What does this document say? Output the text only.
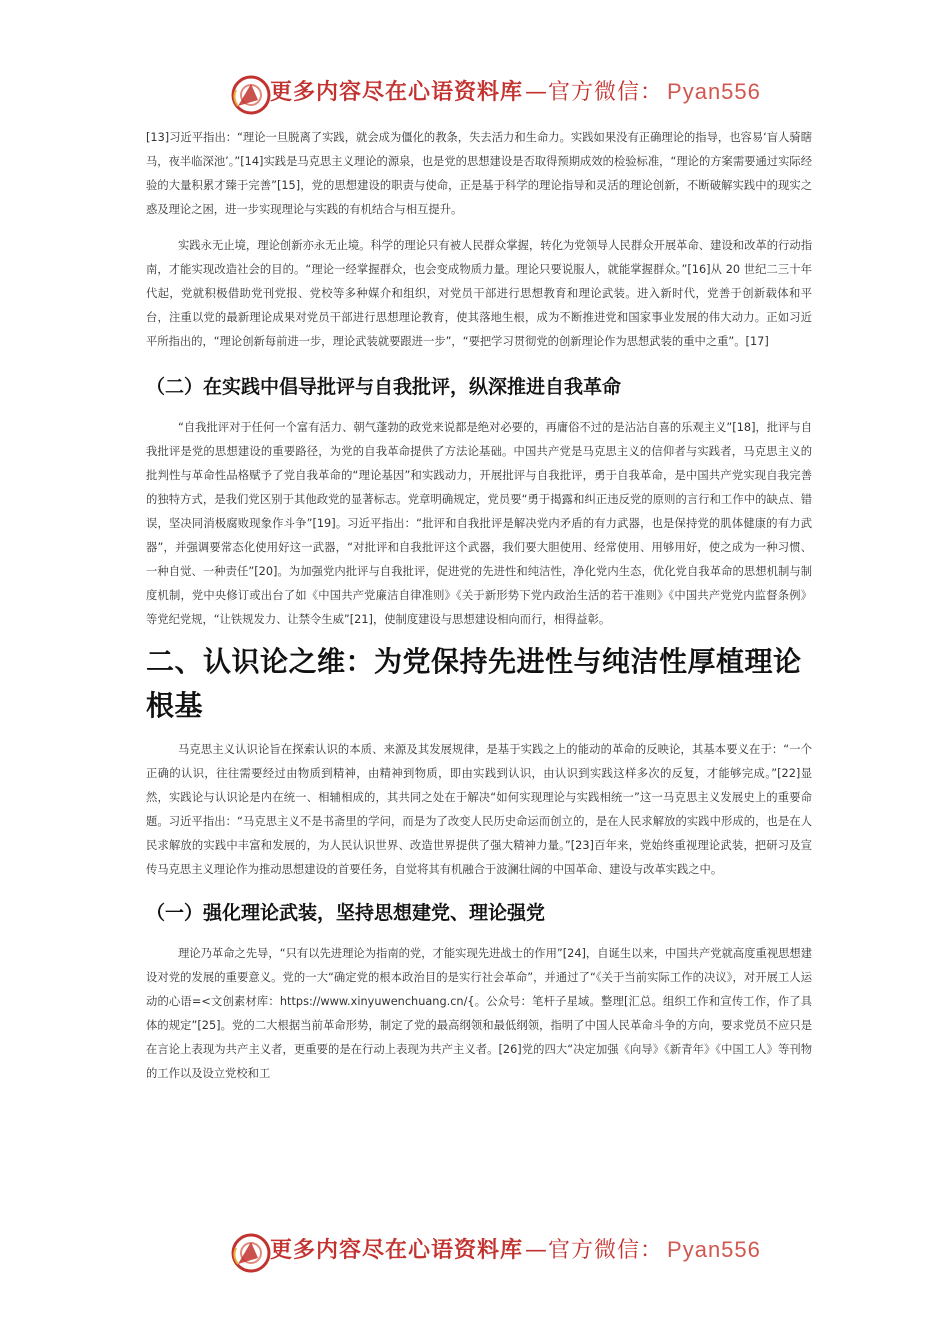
更多内容尽在心语资料库—官方微信： Pyan556

[13]习近平指出：“理论一旦脱离了实践，就会成为僵化的教条，失去活力和生命力。实践如果没有正确理论的指导，也容易‘盲人骑瞎马，夜半临深池’。”[14]实践是马克思主义理论的源泉，也是党的思想建设是否取得预期成效的检验标准，“理论的方案需要通过实际经验的大量积累才臻于完善”[15]，党的思想建设的职责与使命，正是基于科学的理论指导和灵活的理论创新，不断破解实践中的现实之惑及理论之困，进一步实现理论与实践的有机结合与相互提升。

实践永无止境，理论创新亦永无止境。科学的理论只有被人民群众掌握，转化为党领导人民群众开展革命、建设和改革的行动指南，才能实现改造社会的目的。“理论一经掌握群众，也会变成物质力量。理论只要说服人，就能掌握群众。”[16]从 20 世纪二三十年代起，党就积极借助党刊党报、党校等多种媒介和组织，对党员干部进行思想教育和理论武装。进入新时代，党善于创新载体和平台，注重以党的最新理论成果对党员干部进行思想理论教育，使其落地生根，成为不断推进党和国家事业发展的伟大动力。正如习近平所指出的，“理论创新每前进一步，理论武装就要跟进一步”，“要把学习贯彻党的创新理论作为思想武装的重中之重”。[17]

（二）在实践中倡导批评与自我批评，纵深推进自我革命

“自我批评对于任何一个富有活力、朝气蓬勃的政党来说都是绝对必要的，再庸俗不过的是沾沾自喜的乐观主义”[18]，批评与自我批评是党的思想建设的重要路径，为党的自我革命提供了方法论基础。中国共产党是马克思主义的信仰者与实践者，马克思主义的批判性与革命性品格赋予了党自我革命的“理论基因”和实践动力，开展批评与自我批评，勇于自我革命，是中国共产党实现自我完善的独特方式，是我们党区别于其他政党的显著标志。党章明确规定，党员要“勇于揭露和纠正违反党的原则的言行和工作中的缺点、错误，坚决同消极腐败现象作斗争”[19]。习近平指出：“批评和自我批评是解决党内矛盾的有力武器，也是保持党的肌体健康的有力武器”，并强调要常态化使用好这一武器，“对批评和自我批评这个武器，我们要大胆使用、经常使用、用够用好，使之成为一种习惯、一种自觉、一种责任”[20]。为加强党内批评与自我批评，促进党的先进性和纯洁性，净化党内生态，优化党自我革命的思想机制与制度机制，党中央修订或出台了如《中国共产党廉洁自律准则》《关于新形势下党内政治生活的若干准则》《中国共产党党内监督条例》等党纪党规，“让铁规发力、让禁令生威”[21]，使制度建设与思想建设相向而行，相得益彰。

二、认识论之维：为党保持先进性与纯洁性厚植理论根基

马克思主义认识论旨在探索认识的本质、来源及其发展规律，是基于实践之上的能动的革命的反映论，其基本要义在于：“一个正确的认识，往往需要经过由物质到精神，由精神到物质，即由实践到认识，由认识到实践这样多次的反复，才能够完成。”[22]显然，实践论与认识论是内在统一、相辅相成的，其共同之处在于解决“如何实现理论与实践相统一”这一马克思主义发展史上的重要命题。习近平指出：“马克思主义不是书斋里的学问，而是为了改变人民历史命运而创立的，是在人民求解放的实践中形成的，也是在人民求解放的实践中丰富和发展的，为人民认识世界、改造世界提供了强大精神力量。”[23]百年来，党始终重视理论武装，把研习及宣传马克思主义理论作为推动思想建设的首要任务，自觉将其有机融合于波澜壮阔的中国革命、建设与改革实践之中。

（一）强化理论武装，坚持思想建党、理论强党

理论乃革命之先导，“只有以先进理论为指南的党，才能实现先进战士的作用”[24]，自诞生以来，中国共产党就高度重视思想建设对党的发展的重要意义。党的一大“确定党的根本政治目的是实行社会革命”，并通过了“《关于当前实际工作的决议》，对开展工人运动的心语=<文创素材库：https://www.xinyuwenchuang.cn/{。公众号：笔杆子星域。整理[汇总。组织工作和宣传工作，作了具体的规定”[25]。党的二大根据当前革命形势，制定了党的最高纲领和最低纲领，指明了中国人民革命斗争的方向，要求党员不应只是在言论上表现为共产主义者，更重要的是在行动上表现为共产主义者。[26]党的四大“决定加强《向导》《新青年》《中国工人》等刊物的工作以及设立党校和工

更多内容尽在心语资料库—官方微信： Pyan556
